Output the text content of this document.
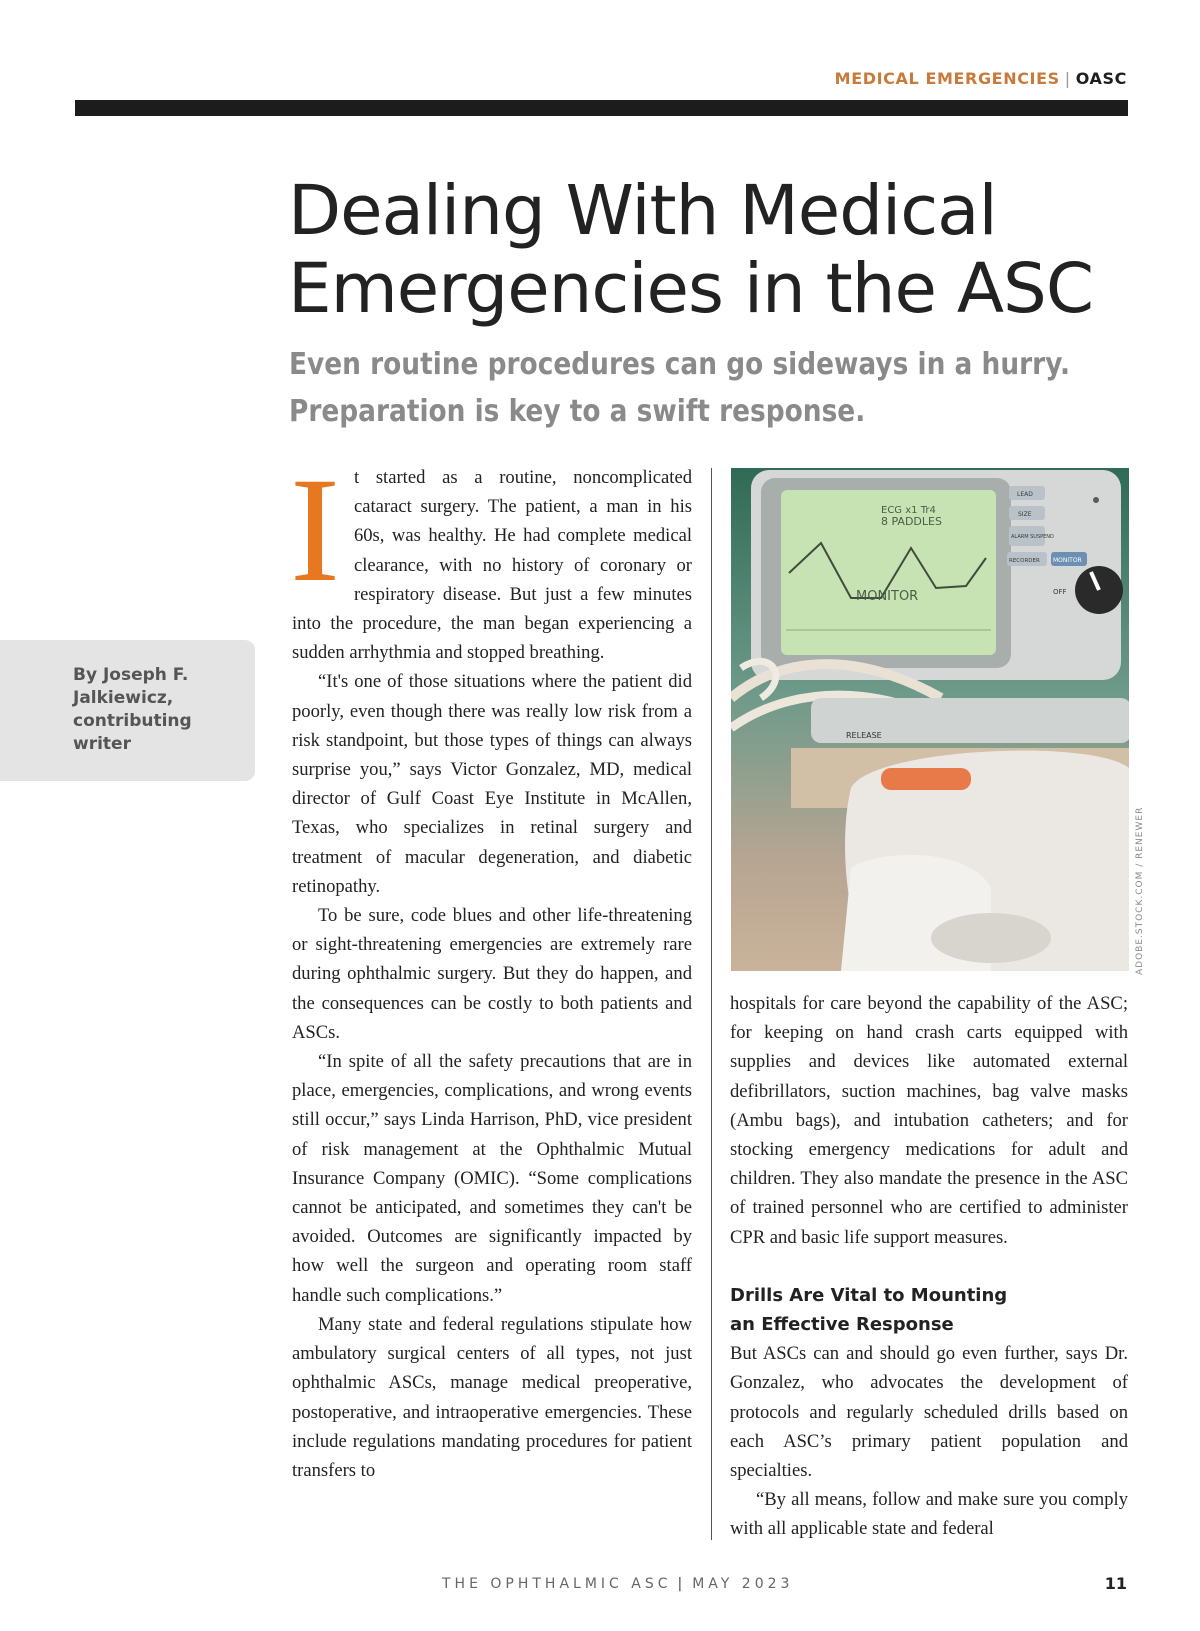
MEDICAL EMERGENCIES | OASC
Dealing With Medical
Emergencies in the ASC
Even routine procedures can go sideways in a hurry.
Preparation is key to a swift response.

By Joseph F. Jalkiewicz, contributing writer

It started as a routine, noncomplicated cataract surgery. The patient, a man in his 60s, was healthy. He had complete medical clearance, with no history of coronary or respiratory disease. But just a few minutes into the procedure, the man began experiencing a sudden arrhythmia and stopped breathing.

“It's one of those situations where the patient did poorly, even though there was really low risk from a risk standpoint, but those types of things can always surprise you,” says Victor Gonzalez, MD, medical director of Gulf Coast Eye Institute in McAllen, Texas, who specializes in retinal surgery and treatment of macular degeneration, and diabetic retinopathy.

To be sure, code blues and other life-threatening or sight-threatening emergencies are extremely rare during ophthalmic surgery. But they do happen, and the consequences can be costly to both patients and ASCs.

“In spite of all the safety precautions that are in place, emergencies, complications, and wrong events still occur,” says Linda Harrison, PhD, vice president of risk management at the Ophthalmic Mutual Insurance Company (OMIC). “Some complications cannot be anticipated, and sometimes they can't be avoided. Outcomes are significantly impacted by how well the surgeon and operating room staff handle such complications.”

Many state and federal regulations stipulate how ambulatory surgical centers of all types, not just ophthalmic ASCs, manage medical preoperative, postoperative, and intraoperative emergencies. These include regulations mandating procedures for patient transfers to

ECG x1 Tr4
8 PADDLES
MONITOR
LEAD
SIZE
ALARM SUSPEND
RECORDER MONITOR
OFF
RELEASE
ADOBE.STOCK.COM / RENEWER

hospitals for care beyond the capability of the ASC; for keeping on hand crash carts equipped with supplies and devices like automated external defibrillators, suction machines, bag valve masks (Ambu bags), and intubation catheters; and for stocking emergency medications for adult and children. They also mandate the presence in the ASC of trained personnel who are certified to administer CPR and basic life support measures.

Drills Are Vital to Mounting
an Effective Response

But ASCs can and should go even further, says Dr. Gonzalez, who advocates the development of protocols and regularly scheduled drills based on each ASC’s primary patient population and specialties.

“By all means, follow and make sure you comply with all applicable state and federal

THE OPHTHALMIC ASC | MAY 2023	11
